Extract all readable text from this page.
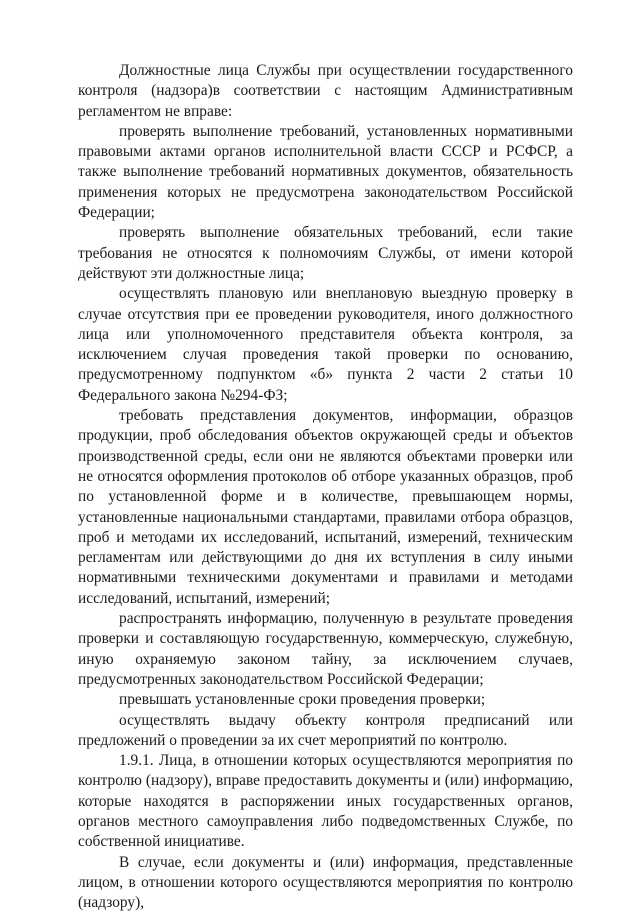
Должностные лица Службы при осуществлении государственного контроля (надзора)в соответствии с настоящим Административным регламентом не вправе:

проверять выполнение требований, установленных нормативными правовыми актами органов исполнительной власти СССР и РСФСР, а также выполнение требований нормативных документов, обязательность применения которых не предусмотрена законодательством Российской Федерации;

проверять выполнение обязательных требований, если такие требования не относятся к полномочиям Службы, от имени которой действуют эти должностные лица;

осуществлять плановую или внеплановую выездную проверку в случае отсутствия при ее проведении руководителя, иного должностного лица или уполномоченного представителя объекта контроля, за исключением случая проведения такой проверки по основанию, предусмотренному подпунктом «б» пункта 2 части 2 статьи 10 Федерального закона №294-ФЗ;

требовать представления документов, информации, образцов продукции, проб обследования объектов окружающей среды и объектов производственной среды, если они не являются объектами проверки или не относятся оформления протоколов об отборе указанных образцов, проб по установленной форме и в количестве, превышающем нормы, установленные национальными стандартами, правилами отбора образцов, проб и методами их исследований, испытаний, измерений, техническим регламентам или действующими до дня их вступления в силу иными нормативными техническими документами и правилами и методами исследований, испытаний, измерений;

распространять информацию, полученную в результате проведения проверки и составляющую государственную, коммерческую, служебную, иную охраняемую законом тайну, за исключением случаев, предусмотренных законодательством Российской Федерации;

превышать установленные сроки проведения проверки;

осуществлять выдачу объекту контроля предписаний или предложений о проведении за их счет мероприятий по контролю.

1.9.1. Лица, в отношении которых осуществляются мероприятия по контролю (надзору), вправе предоставить документы и (или) информацию, которые находятся в распоряжении иных государственных органов, органов местного самоуправления либо подведомственных Службе, по собственной инициативе.

В случае, если документы и (или) информация, представленные лицом, в отношении которого осуществляются мероприятия по контролю (надзору),
